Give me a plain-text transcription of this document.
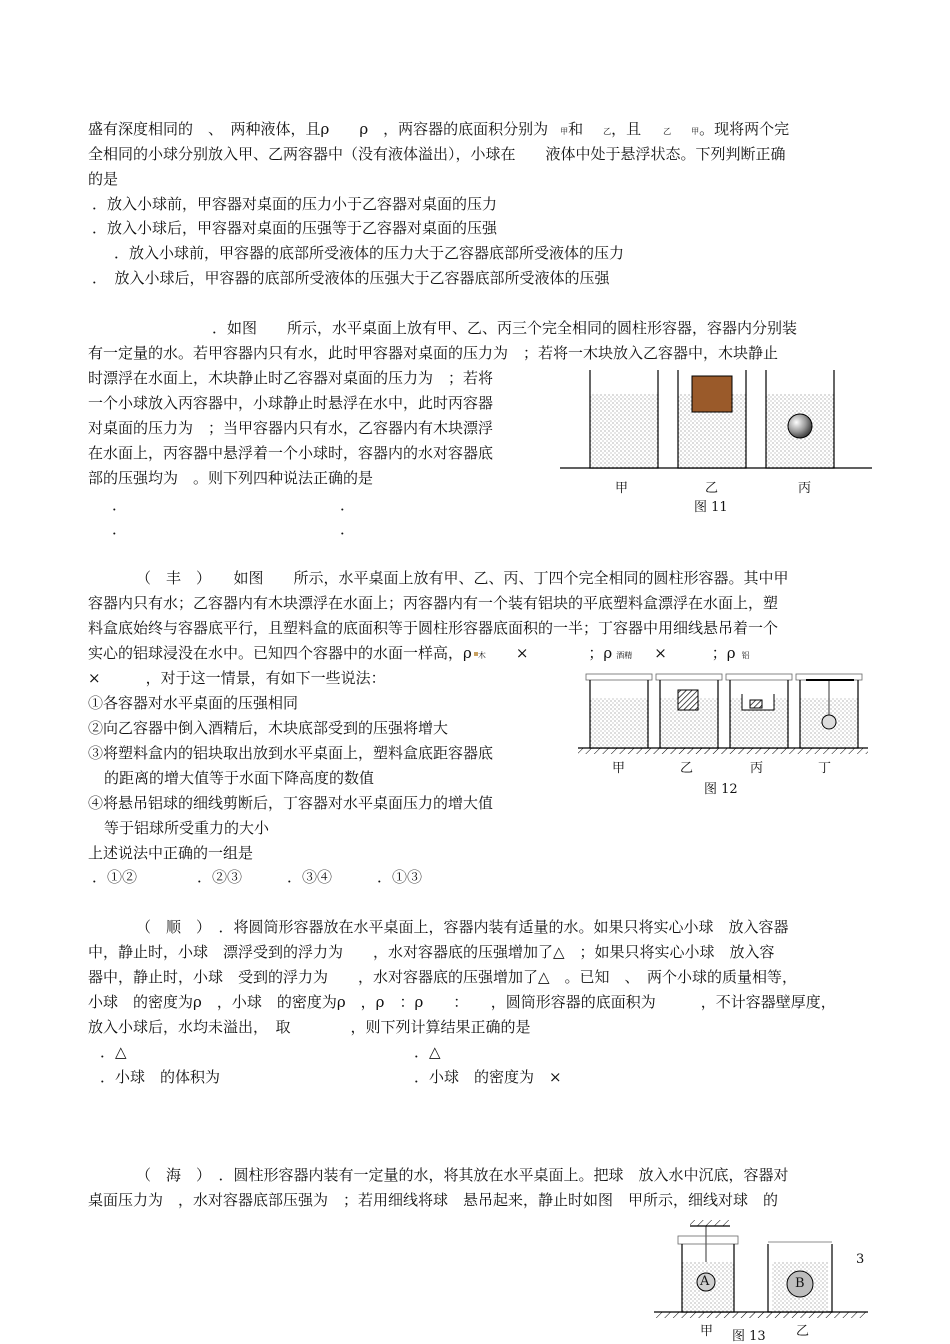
盛有深度相同的　、　两种液体，且ρ　　ρ　，两容器的底面积分别为 甲和	乙，且	乙	甲。现将两个完
全相同的小球分别放入甲、乙两容器中（没有液体溢出），小球在　　液体中处于悬浮状态。下列判断正确
的是
．放入小球前，甲容器对桌面的压力小于乙容器对桌面的压力
．放入小球后，甲容器对桌面的压强等于乙容器对桌面的压强
．放入小球前，甲容器的底部所受液体的压力大于乙容器底部所受液体的压力
．　放入小球后，甲容器的底部所受液体的压强大于乙容器底部所受液体的压强
．如图　　所示，水平桌面上放有甲、乙、丙三个完全相同的圆柱形容器，容器内分别装
有一定量的水。若甲容器内只有水，此时甲容器对桌面的压力为　；若将一木块放入乙容器中，木块静止
时漂浮在水面上，木块静止时乙容器对桌面的压力为　；若将
一个小球放入丙容器中，小球静止时悬浮在水中，此时丙容器
对桌面的压力为　；当甲容器内只有水，乙容器内有木块漂浮
在水面上，丙容器中悬浮着一个小球时，容器内的水对容器底
部的压强均为　。则下列四种说法正确的是
．	．
．	．
甲	乙	丙
图 11
（　丰　）　　如图　　所示，水平桌面上放有甲、乙、丙、丁四个完全相同的圆柱形容器。其中甲
容器内只有水；乙容器内有木块漂浮在水面上；丙容器内有一个装有铝块的平底塑料盒漂浮在水面上，塑
料盒底始终与容器底平行，且塑料盒的底面积等于圆柱形容器底面积的一半；丁容器中用细线悬吊着一个
实心的铝球浸没在水中。已知四个容器中的水面一样高，ρ 木 ×　　　　；ρ 酒精 ×　　　；ρ 铝
×　　　，对于这一情景，有如下一些说法：
①各容器对水平桌面的压强相同
②向乙容器中倒入酒精后，木块底部受到的压强将增大
③将塑料盒内的铝块取出放到水平桌面上，塑料盒底距容器底
的距离的增大值等于水面下降高度的数值
④将悬吊铝球的细线剪断后，丁容器对水平桌面压力的增大值
等于铝球所受重力的大小
上述说法中正确的一组是
．①②　　　　．②③　　　．③④　　　．①③
甲	乙	丙	丁
图 12
（　顺　）　．将圆筒形容器放在水平桌面上，容器内装有适量的水。如果只将实心小球　放入容器
中，静止时，小球　漂浮受到的浮力为　　，水对容器底的压强增加了△　；如果只将实心小球　放入容
器中，静止时，小球　受到的浮力为　　，水对容器底的压强增加了△　。已知　、　两个小球的质量相等，
小球　的密度为ρ　，小球　的密度为ρ　，ρ　：ρ　　：　　，圆筒形容器的底面积为　　　，不计容器壁厚度，
放入小球后，水均未溢出，　取　　　　，则下列计算结果正确的是
．△	．△
．小球　的体积为	．小球　的密度为　×
（　海　）　．圆柱形容器内装有一定量的水，将其放在水平桌面上。把球　放入水中沉底，容器对
桌面压力为　，水对容器底部压强为　；若用细线将球　悬吊起来，静止时如图　甲所示，细线对球　的
A	B
甲 图 13 乙
3
